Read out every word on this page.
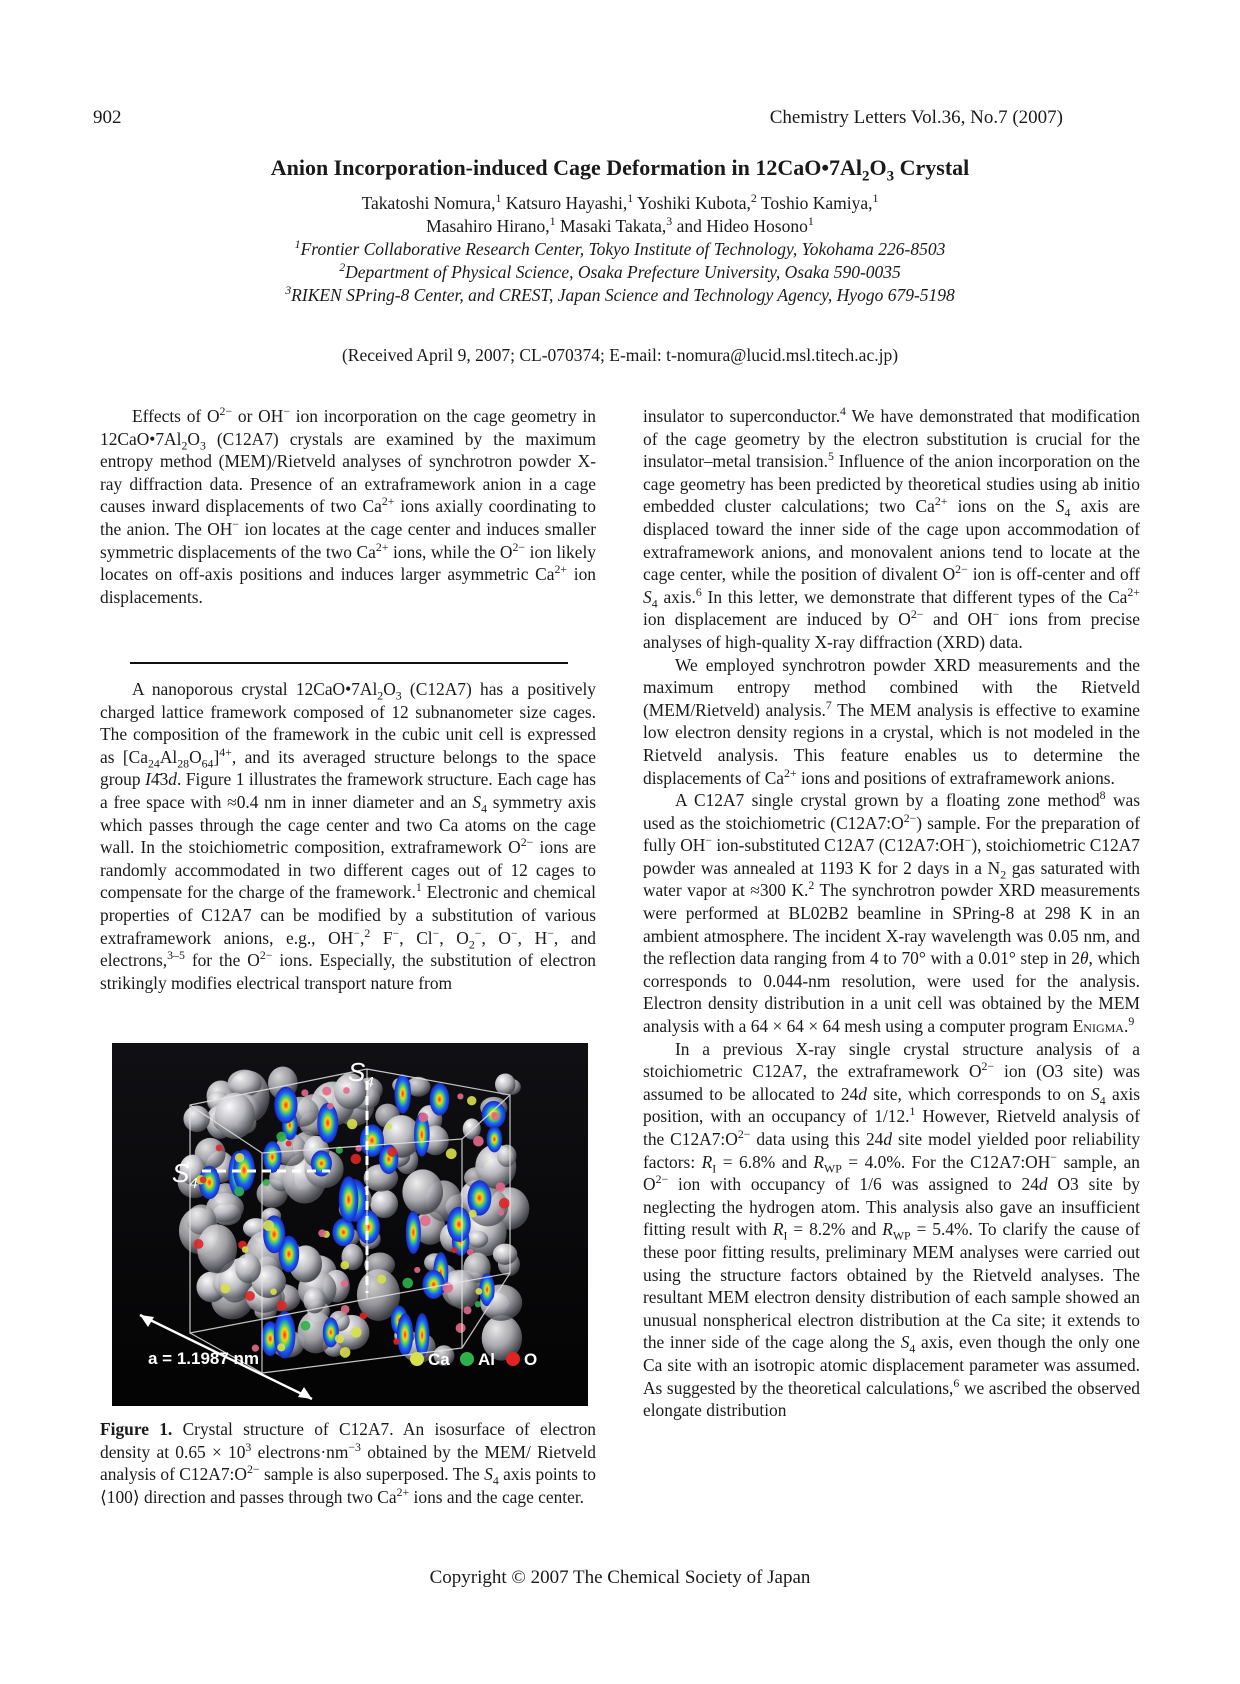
902	Chemistry Letters Vol.36, No.7 (2007)
Anion Incorporation-induced Cage Deformation in $12CaO•7Al_2O_3$ Crystal
Takatoshi Nomura,$^1$ Katsuro Hayashi,$^1$ Yoshiki Kubota,$^2$ Toshio Kamiya,$^1$
Masahiro Hirano,$^1$ Masaki Takata,$^3$ and Hideo Hosono$^1$
$^1$Frontier Collaborative Research Center, Tokyo Institute of Technology, Yokohama 226-8503
$^2$Department of Physical Science, Osaka Prefecture University, Osaka 590-0035
$^3$RIKEN SPring-8 Center, and CREST, Japan Science and Technology Agency, Hyogo 679-5198
(Received April 9, 2007; CL-070374; E-mail: t-nomura@lucid.msl.titech.ac.jp)

Effects of $O^{2-}$ or OH− ion incorporation on the cage geometry in $12CaO•7Al_2O_3$ (C12A7) crystals are examined by the maximum entropy method (MEM)/Rietveld analyses of synchrotron powder X-ray diffraction data. Presence of an extraframework anion in a cage causes inward displacements of two $Ca^{2+}$ ions axially coordinating to the anion. The OH− ion locates at the cage center and induces smaller symmetric displacements of the two $Ca^{2+}$ ions, while the $O^{2-}$ ion likely locates on off-axis positions and induces larger asymmetric $Ca^{2+}$ ion displacements.

A nanoporous crystal $12CaO•7Al_2O_3$ (C12A7) has a positively charged lattice framework composed of 12 subnanometer size cages. The composition of the framework in the cubic unit cell is expressed as $[Ca_{24}Al_{28}O_{64}]^{4+}$, and its averaged structure belongs to the space group I4̄3d. Figure 1 illustrates the framework structure. Each cage has a free space with ≈0.4 nm in inner diameter and an $S_4$ symmetry axis which passes through the cage center and two Ca atoms on the cage wall. In the stoichiometric composition, extraframework $O^{2-}$ ions are randomly accommodated in two different cages out of 12 cages to compensate for the charge of the framework.$^1$ Electronic and chemical properties of C12A7 can be modified by a substitution of various extraframework anions, e.g., OH−,$^2$ F−, Cl−, $O_2^-$, O−, H−, and electrons,$^{3-5}$ for the $O^{2-}$ ions. Especially, the substitution of electron strikingly modifies electrical transport nature from

$S_4$
$S_4$
a = 1.1987 nm	Ca Al O
Figure 1. Crystal structure of C12A7. An isosurface of electron density at $0.65 \times 10^3$ $electrons\cdot nm^{-3}$ obtained by the MEM/ Rietveld analysis of $C12A7:O^{2-}$ sample is also superposed. The $S_4$ axis points to ⟨100⟩ direction and passes through two $Ca^{2+}$ ions and the cage center.

insulator to superconductor.$^4$ We have demonstrated that modification of the cage geometry by the electron substitution is crucial for the insulator–metal transision.$^5$ Influence of the anion incorporation on the cage geometry has been predicted by theoretical studies using ab initio embedded cluster calculations; two $Ca^{2+}$ ions on the $S_4$ axis are displaced toward the inner side of the cage upon accommodation of extraframework anions, and monovalent anions tend to locate at the cage center, while the position of divalent $O^{2-}$ ion is off-center and off $S_4$ axis.$^6$ In this letter, we demonstrate that different types of the $Ca^{2+}$ ion displacement are induced by $O^{2-}$ and OH− ions from precise analyses of high-quality X-ray diffraction (XRD) data.

We employed synchrotron powder XRD measurements and the maximum entropy method combined with the Rietveld (MEM/Rietveld) analysis.$^7$ The MEM analysis is effective to examine low electron density regions in a crystal, which is not modeled in the Rietveld analysis. This feature enables us to determine the displacements of $Ca^{2+}$ ions and positions of extraframework anions.

A C12A7 single crystal grown by a floating zone method$^8$ was used as the stoichiometric $(C12A7:O^{2-})$ sample. For the preparation of fully OH− ion-substituted C12A7 (C12A7:OH−), stoichiometric C12A7 powder was annealed at 1193 K for 2 days in a $N_2$ gas saturated with water vapor at ≈300 K.$^2$ The synchrotron powder XRD measurements were performed at BL02B2 beamline in SPring-8 at 298 K in an ambient atmosphere. The incident X-ray wavelength was 0.05 nm, and the reflection data ranging from 4 to 70° with a 0.01° step in 2θ, which corresponds to 0.044-nm resolution, were used for the analysis. Electron density distribution in a unit cell was obtained by the MEM analysis with a 64 × 64 × 64 mesh using a computer program Enigma.$^9$

In a previous X-ray single crystal structure analysis of a stoichiometric C12A7, the extraframework $O^{2-}$ ion (O3 site) was assumed to be allocated to 24d site, which corresponds to on $S_4$ axis position, with an occupancy of 1/12.$^1$ However, Rietveld analysis of the $C12A7:O^{2-}$ data using this 24d site model yielded poor reliability factors: $R_I = 6.8\%$ and $R_{WP} = 4.0\%$. For the C12A7:OH− sample, an $O^{2-}$ ion with occupancy of 1/6 was assigned to 24d O3 site by neglecting the hydrogen atom. This analysis also gave an insufficient fitting result with $R_I = 8.2\%$ and $R_{WP} = 5.4\%$. To clarify the cause of these poor fitting results, preliminary MEM analyses were carried out using the structure factors obtained by the Rietveld analyses. The resultant MEM electron density distribution of each sample showed an unusual nonspherical electron distribution at the Ca site; it extends to the inner side of the cage along the $S_4$ axis, even though the only one Ca site with an isotropic atomic displacement parameter was assumed. As suggested by the theoretical calculations,$^6$ we ascribed the observed elongate distribution

Copyright © 2007 The Chemical Society of Japan
